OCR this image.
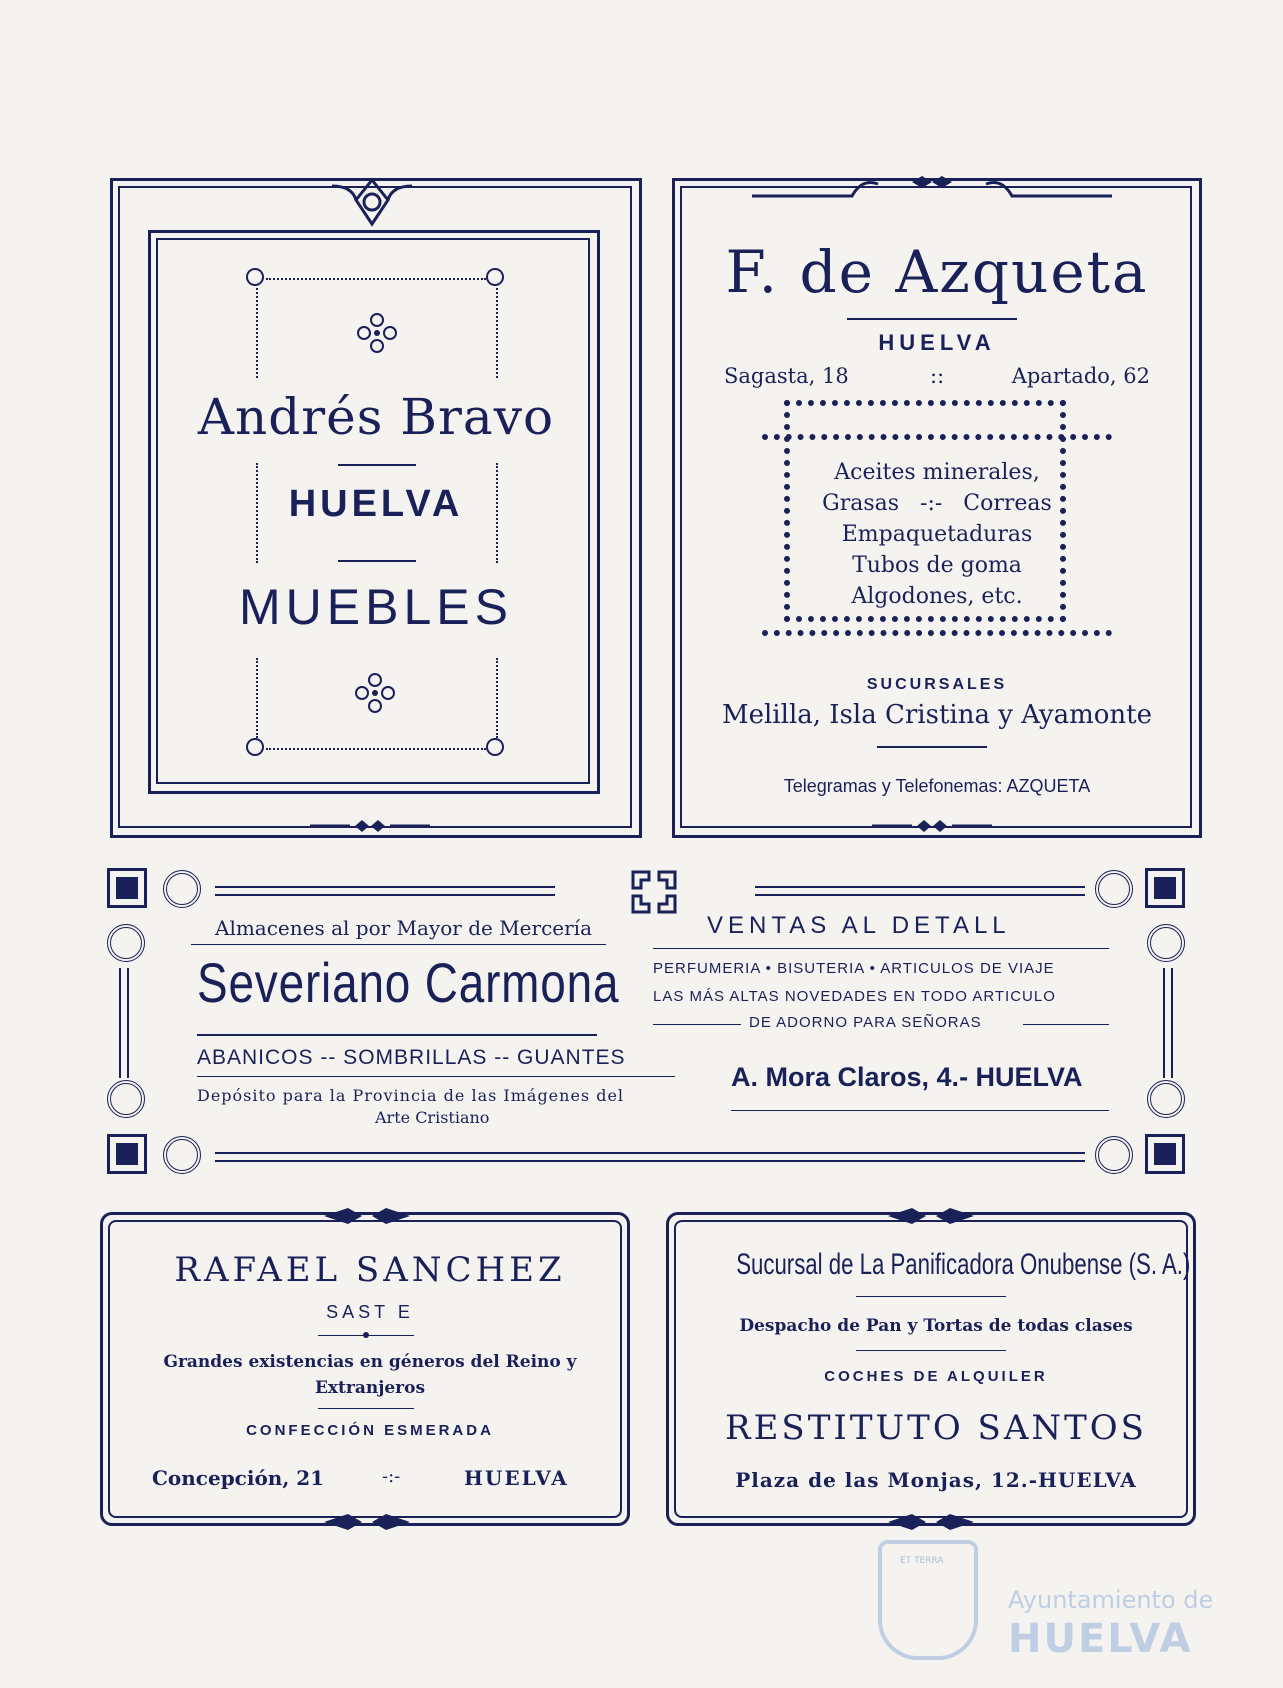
Andrés Bravo
HUELVA
MUEBLES
F. de Azqueta
HUELVA
Sagasta, 18	::	Apartado, 62
Aceites minerales,
Grasas   -:-   Correas
Empaquetaduras
Tubos de goma
Algodones, etc.
SUCURSALES
Melilla, Isla Cristina y Ayamonte
Telegramas y Telefonemas: AZQUETA
Almacenes al por Mayor de Mercería
Severiano Carmona
ABANICOS -- SOMBRILLAS -- GUANTES
Depósito para la Provincia de las Imágenes del
Arte Cristiano
VENTAS AL DETALL
PERFUMERIA • BISUTERIA • ARTICULOS DE VIAJE
LAS MÁS ALTAS NOVEDADES EN TODO ARTICULO
DE ADORNO PARA SEÑORAS
A. Mora Claros, 4.- HUELVA
RAFAEL SANCHEZ
SAST E
Grandes existencias en géneros del Reino y
Extranjeros
CONFECCIÓN ESMERADA
Concepción, 21	-:-	HUELVA
Sucursal de La Panificadora Onubense (S. A.)
Despacho de Pan y Tortas de todas clases
COCHES DE ALQUILER
RESTITUTO SANTOS
Plaza de las Monjas, 12.-HUELVA
ET TERRA
Ayuntamiento de
HUELVA
